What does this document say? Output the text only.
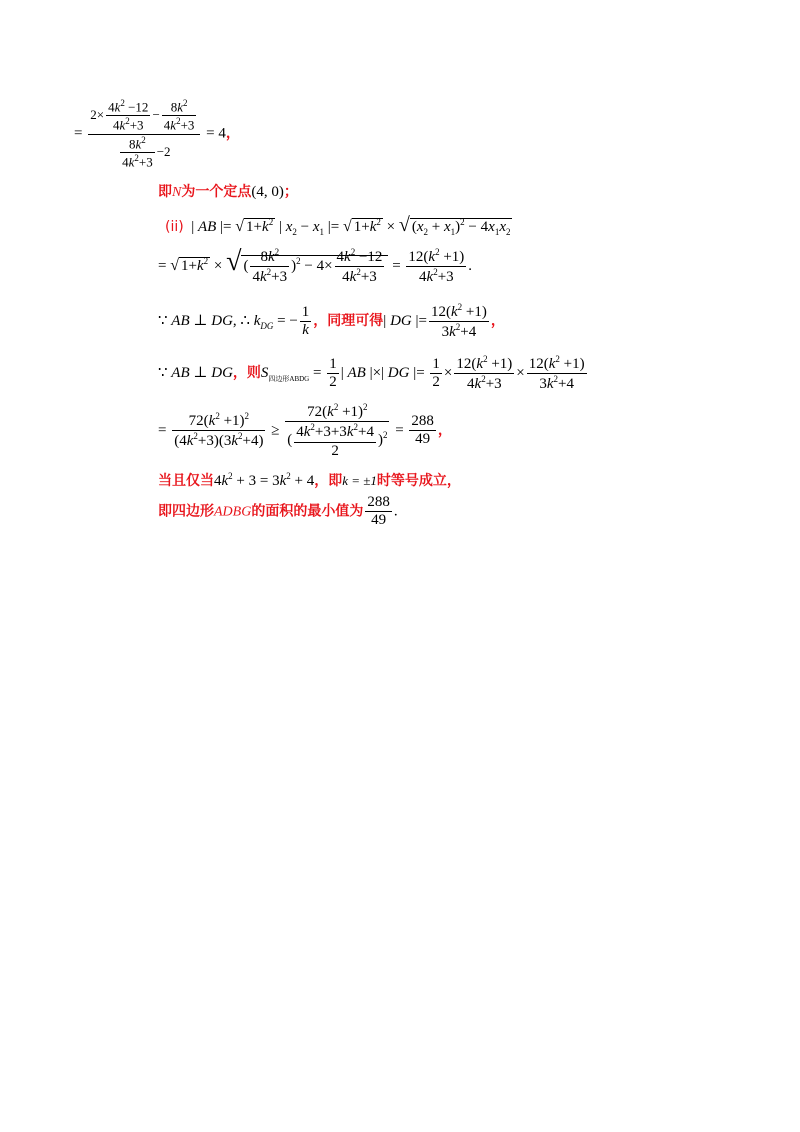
= $\frac{2\times \frac{4k^2 -12}{4k^2+3} - \frac{8k^2}{4k^2+3}}{\frac{8k^2}{4k^2+3} -2} = 4$，
即N为一个定点(4, 0)；
(ii)  | AB |= √ $1+k^2$ | $x_2 - x_1$ |= √ $1+k^2$ × √ $(x_2 + x_1)^2 - 4x_1x_2$
= √ $1+k^2$ × √ ( $\frac{8k^2}{4k^2+3} )^2 - 4\times \frac{4k^2 -12}{4k^2+3} = \frac{12(k^2 +1)}{4k^2+3}$ .
∵ AB ⊥ DG, ∴ $k_{DG}$ = − $\frac{1}{k}$ ，同理可得| DG |= $\frac{12(k^2 +1)}{3k^2+4}$ ，
∵ AB ⊥ DG，则$S_{四边形ABDG} = \frac{1}{2}$ | AB |×| DG |= $\frac{1}{2} \times \frac{12(k^2 +1)}{4k^2+3} \times \frac{12(k^2 +1)}{3k^2+4}$
= $\frac{72(k^2 +1)^2}{(4k^2+3)(3k^2+4)} \ge \frac{72(k^2 +1)^2}{( \frac{4k^2+3+3k^2+4}{2} )^2} = \frac{288}{49}$ ，
当且仅当$4k^2 + 3 = 3k^2 + 4$，即k = ±1时等号成立，
即四边形ADBG的面积的最小值为 $\frac{288}{49}$ .
